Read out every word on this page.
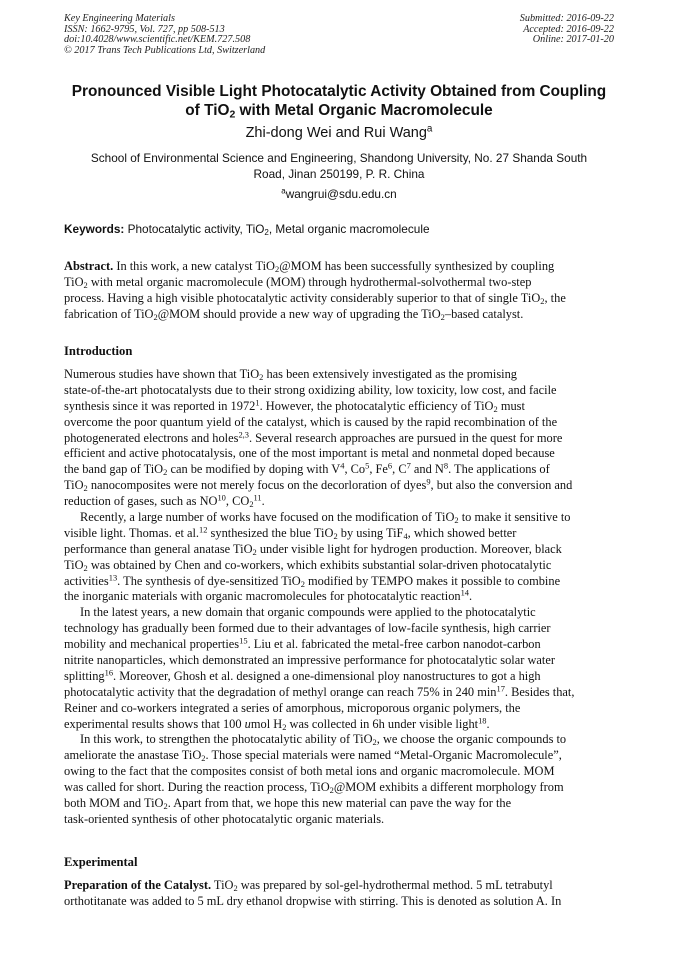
Key Engineering Materials
ISSN: 1662-9795, Vol. 727, pp 508-513
doi:10.4028/www.scientific.net/KEM.727.508
© 2017 Trans Tech Publications Ltd, Switzerland
Submitted: 2016-09-22
Accepted: 2016-09-22
Online: 2017-01-20
Pronounced Visible Light Photocatalytic Activity Obtained from Coupling
of TiO$_2$ with Metal Organic Macromolecule
Zhi-dong Wei and Rui Wang$^a$
School of Environmental Science and Engineering, Shandong University, No. 27 Shanda South
Road, Jinan 250199, P. R. China
$^a$wangrui@sdu.edu.cn
Keywords: Photocatalytic activity, TiO$_2$, Metal organic macromolecule
Abstract. In this work, a new catalyst TiO$_2$@MOM has been successfully synthesized by coupling
TiO$_2$ with metal organic macromolecule (MOM) through hydrothermal-solvothermal two-step
process. Having a high visible photocatalytic activity considerably superior to that of single TiO$_2$, the
fabrication of TiO$_2$@MOM should provide a new way of upgrading the TiO$_2$–based catalyst.
Introduction
Numerous studies have shown that TiO$_2$ has been extensively investigated as the promising
state-of-the-art photocatalysts due to their strong oxidizing ability, low toxicity, low cost, and facile
synthesis since it was reported in 1972$^1$. However, the photocatalytic efficiency of TiO$_2$ must
overcome the poor quantum yield of the catalyst, which is caused by the rapid recombination of the
photogenerated electrons and holes$^{2,3}$. Several research approaches are pursued in the quest for more
efficient and active photocatalysis, one of the most important is metal and nonmetal doped because
the band gap of TiO$_2$ can be modified by doping with $V^4$, Co$^5$, Fe$^6$, $C^7$ and $N^8$. The applications of
TiO$_2$ nanocomposites were not merely focus on the decorloration of dyes$^9$, but also the conversion and
reduction of gases, such as NO$^{10}$, $CO_2^{11}$.
Recently, a large number of works have focused on the modification of TiO$_2$ to make it sensitive to
visible light. Thomas. et al.$^{12}$ synthesized the blue TiO$_2$ by using TiF$_4$, which showed better
performance than general anatase TiO$_2$ under visible light for hydrogen production. Moreover, black
TiO$_2$ was obtained by Chen and co-workers, which exhibits substantial solar-driven photocatalytic
activities$^{13}$. The synthesis of dye-sensitized TiO$_2$ modified by TEMPO makes it possible to combine
the inorganic materials with organic macromolecules for photocatalytic reaction$^{14}$.
In the latest years, a new domain that organic compounds were applied to the photocatalytic
technology has gradually been formed due to their advantages of low-facile synthesis, high carrier
mobility and mechanical properties$^{15}$. Liu et al. fabricated the metal-free carbon nanodot-carbon
nitrite nanoparticles, which demonstrated an impressive performance for photocatalytic solar water
splitting$^{16}$. Moreover, Ghosh et al. designed a one-dimensional ploy nanostructures to got a high
photocatalytic activity that the degradation of methyl orange can reach 75% in 240 $\min^{17}$. Besides that,
Reiner and co-workers integrated a series of amorphous, microporous organic polymers, the
experimental results shows that 100 umol $H_2$ was collected in 6h under visible light$^{18}$.
In this work, to strengthen the photocatalytic ability of TiO$_2$, we choose the organic compounds to
ameliorate the anastase TiO$_2$. Those special materials were named “Metal-Organic Macromolecule”,
owing to the fact that the composites consist of both metal ions and organic macromolecule. MOM
was called for short. During the reaction process, TiO$_2$@MOM exhibits a different morphology from
both MOM and TiO$_2$. Apart from that, we hope this new material can pave the way for the
task-oriented synthesis of other photocatalytic organic materials.
Experimental
Preparation of the Catalyst. TiO$_2$ was prepared by sol-gel-hydrothermal method. 5 mL tetrabutyl
orthotitanate was added to 5 mL dry ethanol dropwise with stirring. This is denoted as solution A. In
